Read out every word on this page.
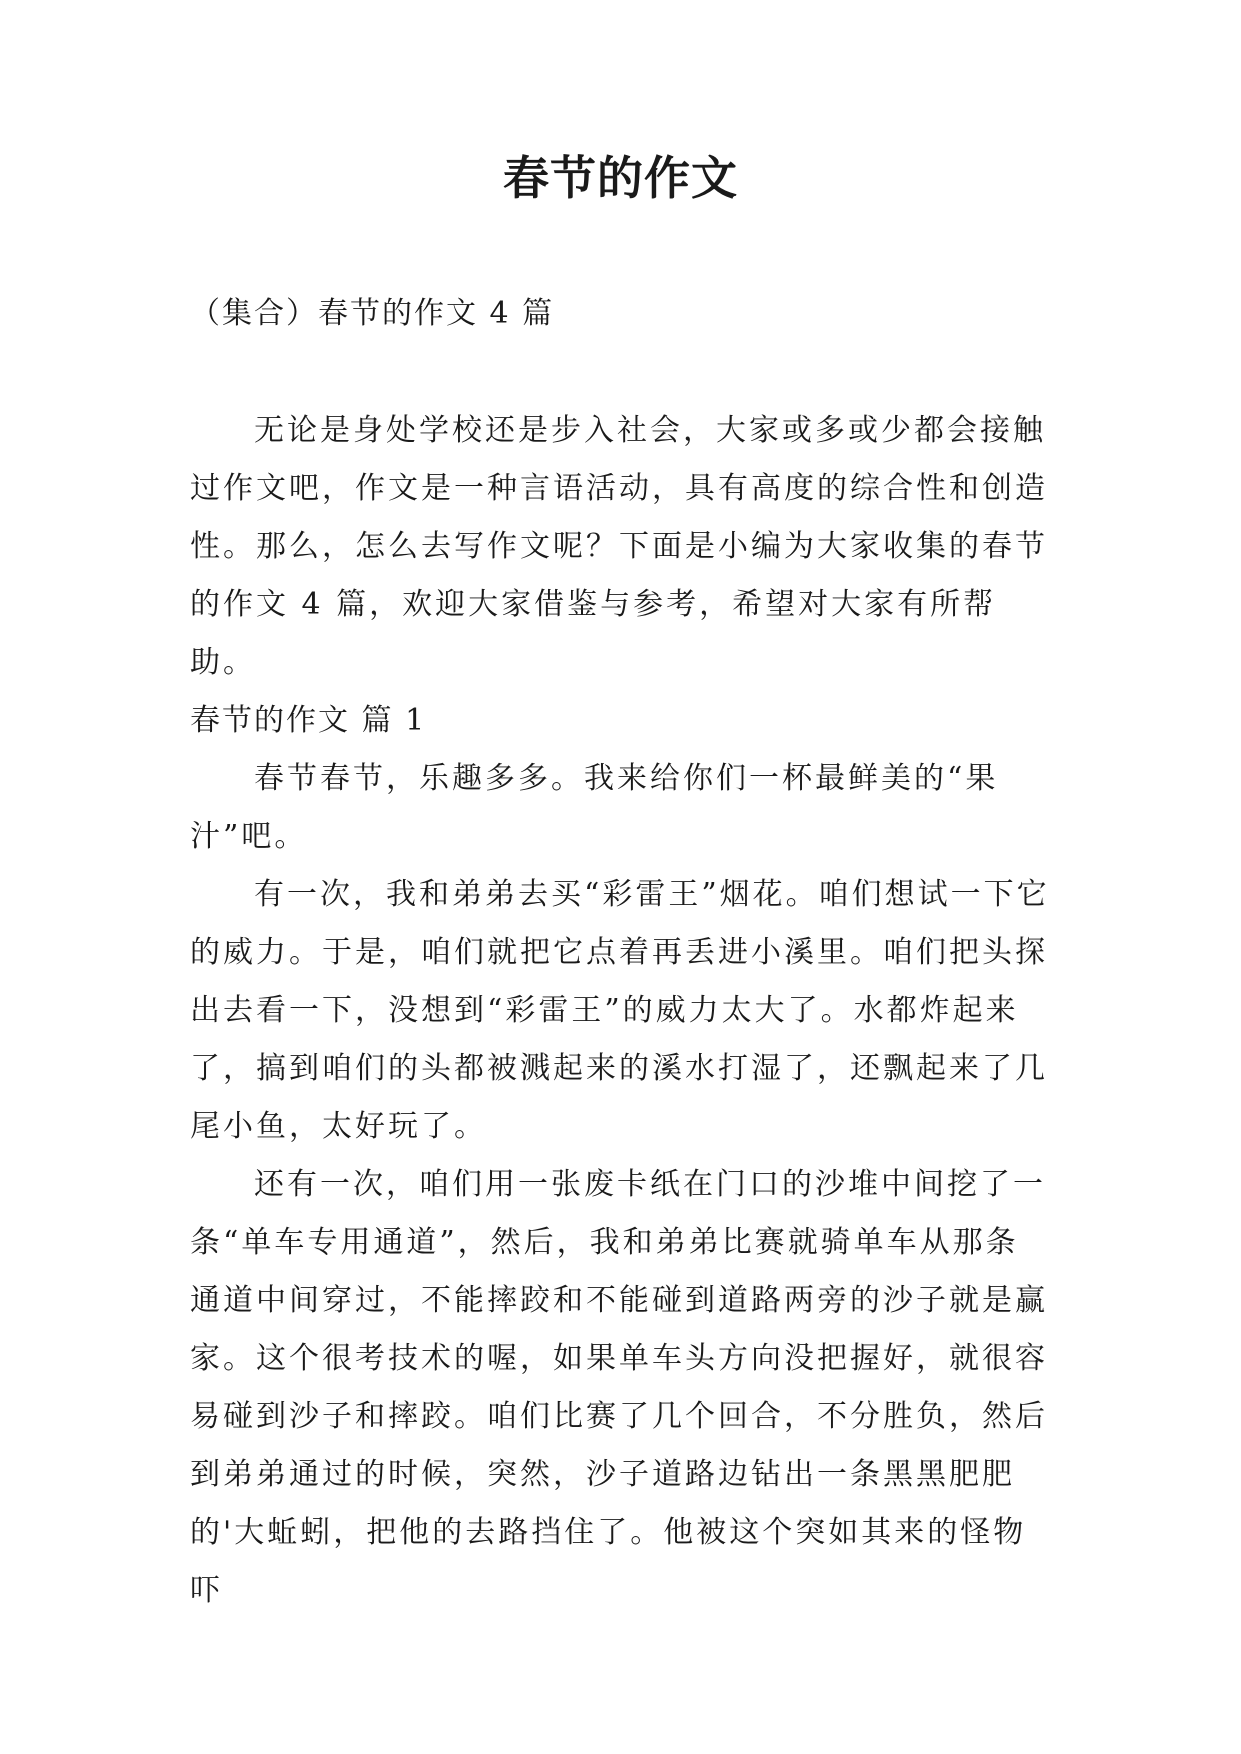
春节的作文
（集合）春节的作文 4 篇

无论是身处学校还是步入社会，大家或多或少都会接触过作文吧，作文是一种言语活动，具有高度的综合性和创造性。那么，怎么去写作文呢？下面是小编为大家收集的春节的作文 4 篇，欢迎大家借鉴与参考，希望对大家有所帮助。

春节的作文 篇 1

春节春节，乐趣多多。我来给你们一杯最鲜美的“果汁”吧。

有一次，我和弟弟去买“彩雷王”烟花。咱们想试一下它的威力。于是，咱们就把它点着再丢进小溪里。咱们把头探出去看一下，没想到“彩雷王”的威力太大了。水都炸起来了，搞到咱们的头都被溅起来的溪水打湿了，还飘起来了几尾小鱼，太好玩了。

还有一次，咱们用一张废卡纸在门口的沙堆中间挖了一条“单车专用通道”，然后，我和弟弟比赛就骑单车从那条通道中间穿过，不能摔跤和不能碰到道路两旁的沙子就是赢家。这个很考技术的喔，如果单车头方向没把握好，就很容易碰到沙子和摔跤。咱们比赛了几个回合，不分胜负，然后到弟弟通过的时候，突然，沙子道路边钻出一条黑黑肥肥的'大蚯蚓，把他的去路挡住了。他被这个突如其来的怪物吓
